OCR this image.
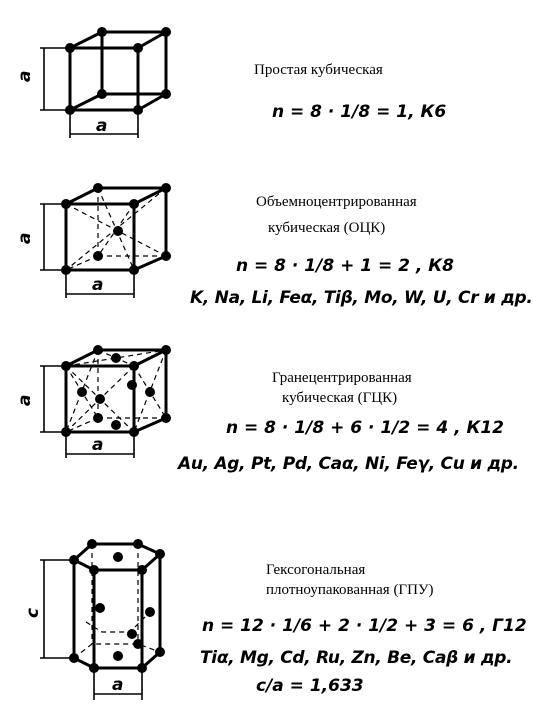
a
a
Простая кубическая
n = 8 · 1/8 = 1, К6
a
a
Объемноцентрированная
кубическая (ОЦК)
n = 8 · 1/8 + 1 = 2 , К8
K, Na, Li, Feα, Tiβ, Mo, W, U, Cr и др.
a
a
Гранецентрированная
кубическая (ГЦК)
n = 8 · 1/8 + 6 · 1/2 = 4 , К12
Au, Ag, Pt, Pd, Caα, Ni, Feγ, Cu и др.
c
a
Гексогональная
плотноупакованная (ГПУ)
n = 12 · 1/6 + 2 · 1/2 + 3 = 6 , Г12
Tiα, Mg, Cd, Ru, Zn, Be, Caβ и др.
c/a = 1,633
